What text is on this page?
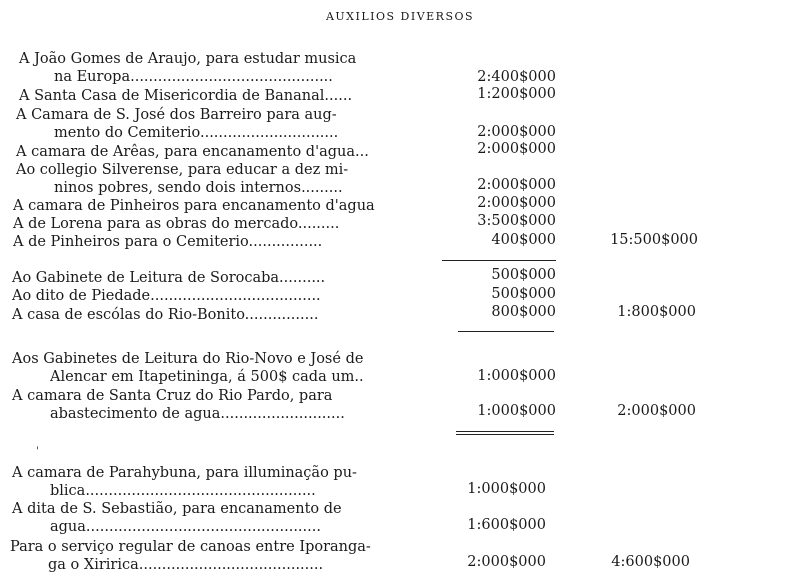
AUXILIOS DIVERSOS
A João Gomes de Araujo, para estudar musica
na Europa............................................	2:400$000
A Santa Casa de Misericordia de Bananal......	1:200$000
A Camara de S. José dos Barreiro para aug-
mento do Cemiterio..............................	2:000$000
A camara de Arêas, para encanamento d'agua...	2:000$000
Ao collegio Silverense, para educar a dez mi-
ninos pobres, sendo dois internos.........	2:000$000
A camara de Pinheiros para encanamento d'agua	2:000$000
A de Lorena para as obras do mercado.........	3:500$000
A de Pinheiros para o Cemiterio................	400$000	15:500$000
Ao Gabinete de Leitura de Sorocaba..........	500$000
Ao dito de Piedade.....................................	500$000
A casa de escólas do Rio-Bonito................	800$000	1:800$000
Aos Gabinetes de Leitura do Rio-Novo e José de
Alencar em Itapetininga, á 500$ cada um..	1:000$000
A camara de Santa Cruz do Rio Pardo, para
abastecimento de agua...........................	1:000$000	2:000$000
'
A camara de Parahybuna, para illuminação pu-
blica..................................................	1:000$000
A dita de S. Sebastião, para encanamento de
agua...................................................	1:600$000
Para o serviço regular de canoas entre Iporanga-
ga o Xiririca........................................	2:000$000	4:600$000
